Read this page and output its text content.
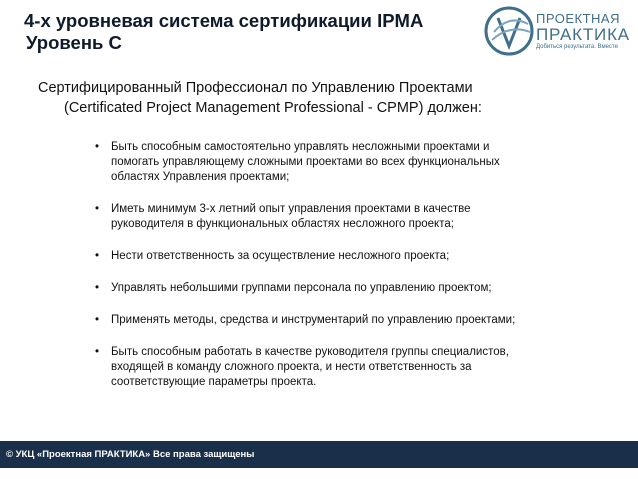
4-х уровневая система сертификации IPMA
Уровень С
ПРОЕКТНАЯ
ПРАКТИКА
Добиться результата. Вместе
Сертифицированный Профессионал по Управлению Проектами
(Certificated Project Management Professional - CPMP) должен:
• Быть способным самостоятельно управлять несложными проектами и
помогать управляющему сложными проектами во всех функциональных
областях Управления проектами;
• Иметь минимум 3-х летний опыт управления проектами в качестве
руководителя в функциональных областях несложного проекта;
• Нести ответственность за осуществление несложного проекта;
• Управлять небольшими группами персонала по управлению проектом;
• Применять методы, средства и инструментарий по управлению проектами;
• Быть способным работать в качестве руководителя группы специалистов,
входящей в команду сложного проекта, и нести ответственность за
соответствующие параметры проекта.
© УКЦ «Проектная ПРАКТИКА» Все права защищены
